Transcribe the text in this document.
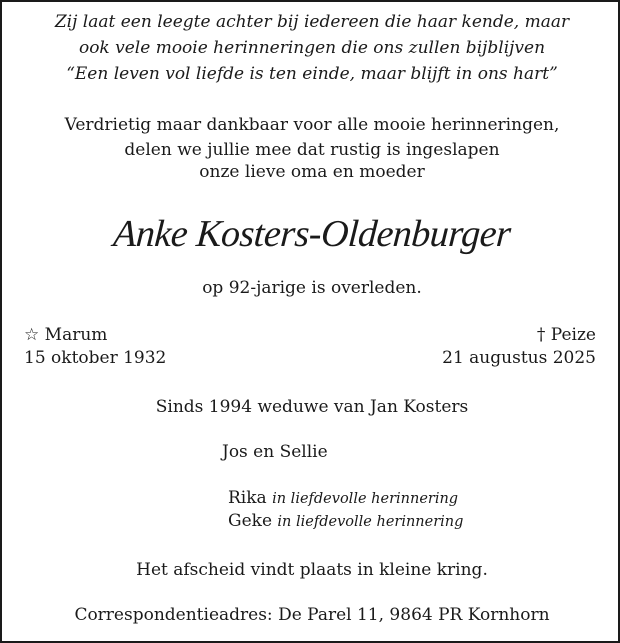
Zij laat een leegte achter bij iedereen die haar kende, maar
ook vele mooie herinneringen die ons zullen bijblijven
“Een leven vol liefde is ten einde, maar blijft in ons hart”
Verdrietig maar dankbaar voor alle mooie herinneringen,
delen we jullie mee dat rustig is ingeslapen
onze lieve oma en moeder
Anke Kosters-Oldenburger
op 92-jarige is overleden.
☆ Marum
15 oktober 1932
† Peize
21 augustus 2025
Sinds 1994 weduwe van Jan Kosters
Jos en Sellie
Rika in liefdevolle herinnering
Geke in liefdevolle herinnering
Het afscheid vindt plaats in kleine kring.
Correspondentieadres: De Parel 11, 9864 PR Kornhorn
